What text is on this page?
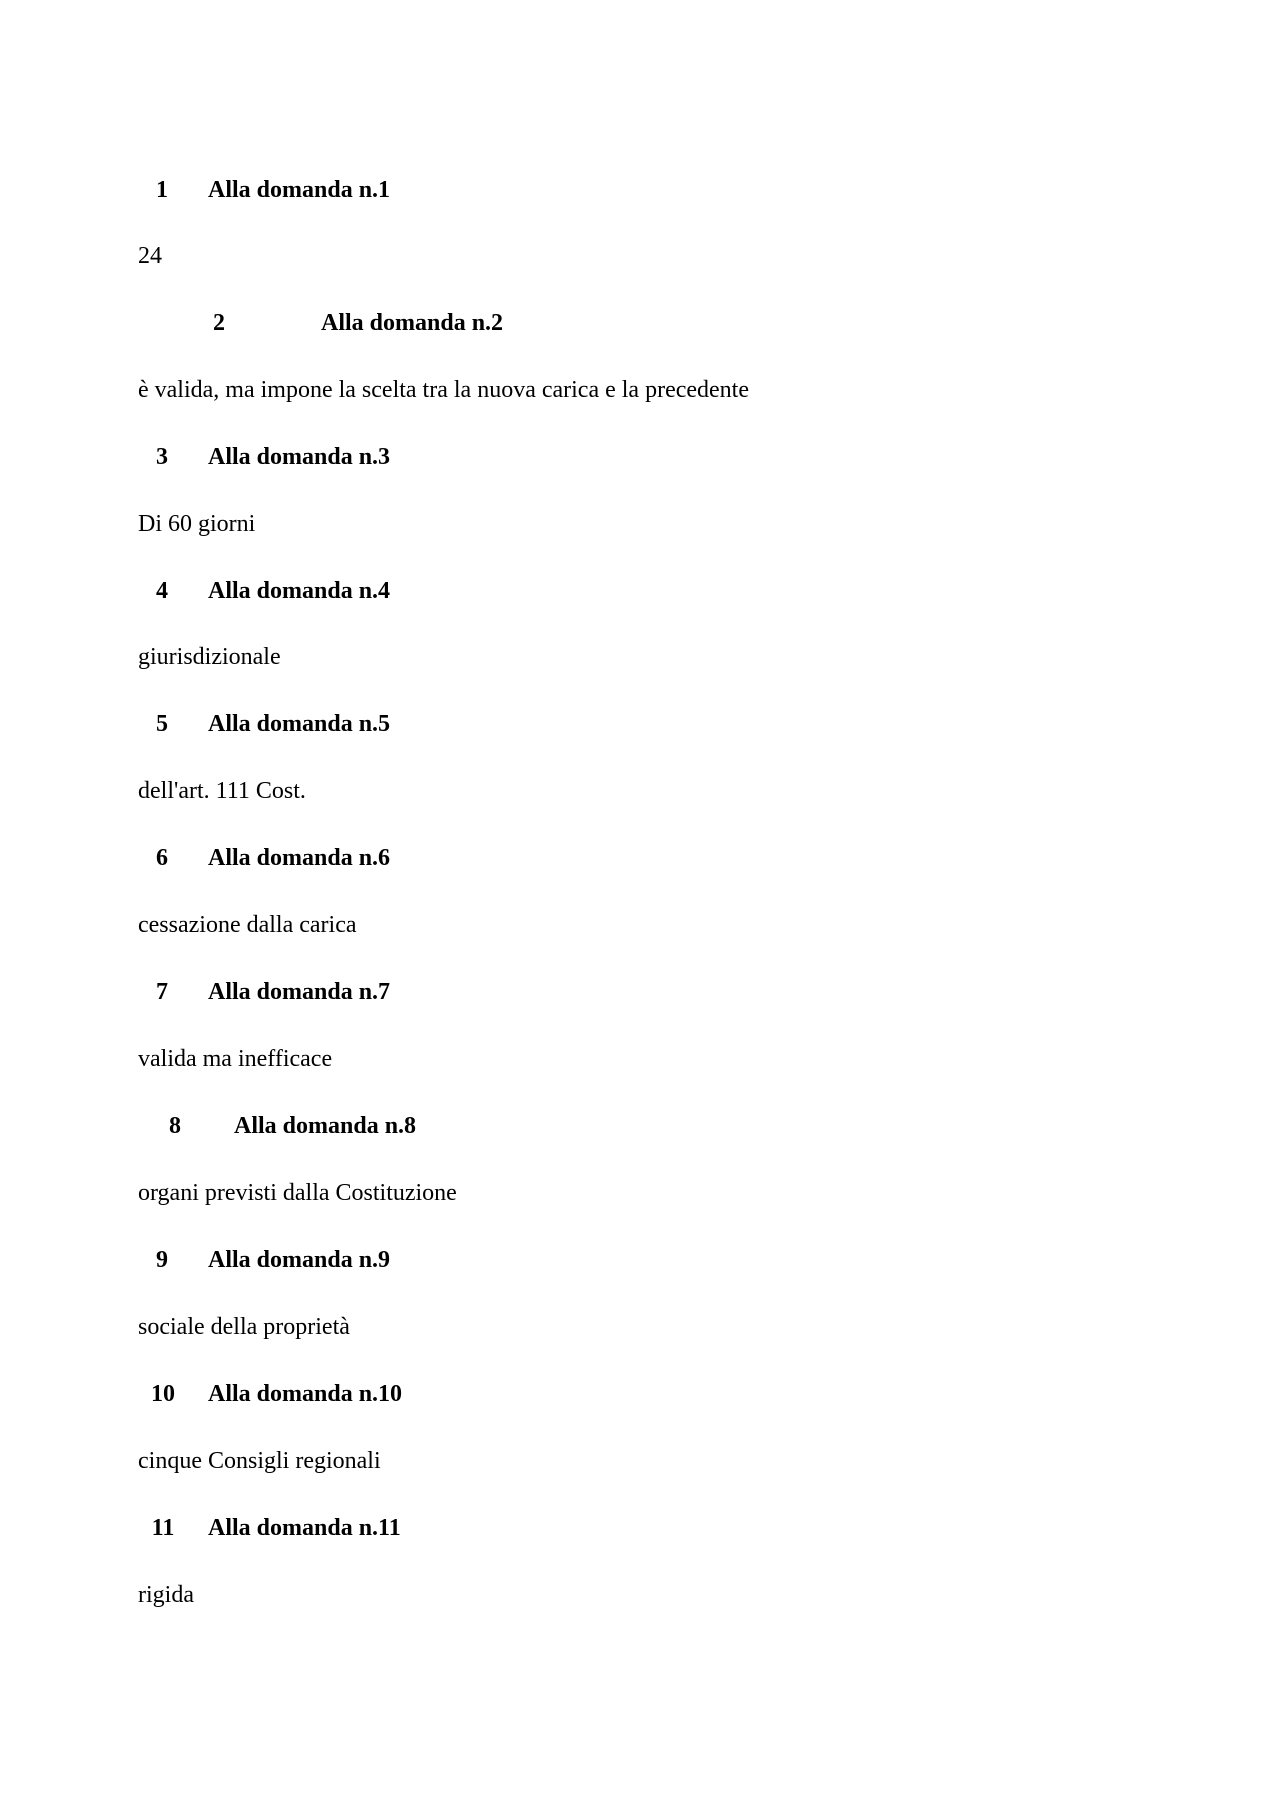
1 Alla domanda n.1
24
2	Alla domanda n.2
è valida, ma impone la scelta tra la nuova carica e la precedente
3 Alla domanda n.3
Di 60 giorni
4 Alla domanda n.4
giurisdizionale
5 Alla domanda n.5
dell'art. 111 Cost.
6 Alla domanda n.6
cessazione dalla carica
7 Alla domanda n.7
valida ma inefficace
8 Alla domanda n.8
organi previsti dalla Costituzione
9 Alla domanda n.9
sociale della proprietà
10 Alla domanda n.10
cinque Consigli regionali
11 Alla domanda n.11
rigida
